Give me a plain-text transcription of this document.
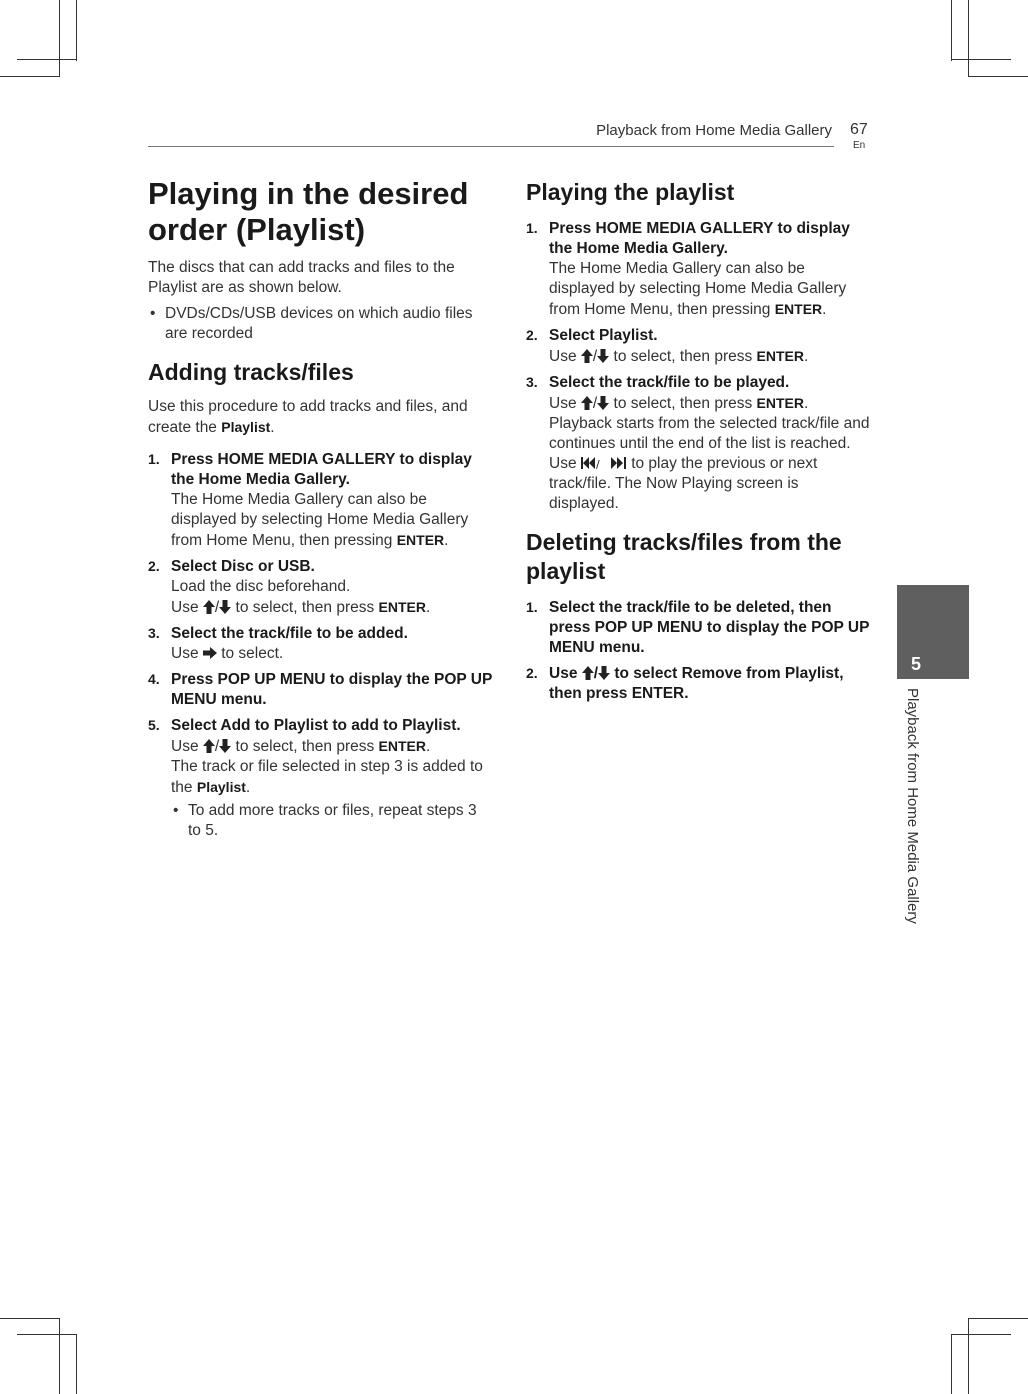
Playback from Home Media Gallery 67
En
5
Playback from Home Media Gallery
Playing in the desired order (Playlist)

The discs that can add tracks and files to the Playlist are as shown below.

• DVDs/CDs/USB devices on which audio files are recorded
Adding tracks/files

Use this procedure to add tracks and files, and create the Playlist.

1. Press HOME MEDIA GALLERY to display the Home Media Gallery.
The Home Media Gallery can also be displayed by selecting Home Media Gallery from Home Menu, then pressing ENTER.
2. Select Disc or USB.
Load the disc beforehand.
Use / to select, then press ENTER.
3. Select the track/file to be added.
Use to select.
4. Press POP UP MENU to display the POP UP MENU menu.
5. Select Add to Playlist to add to Playlist.
Use / to select, then press ENTER.
The track or file selected in step 3 is added to the Playlist.
• To add more tracks or files, repeat steps 3 to 5.
Playing the playlist
1. Press HOME MEDIA GALLERY to display the Home Media Gallery.
The Home Media Gallery can also be displayed by selecting Home Media Gallery from Home Menu, then pressing ENTER.
2. Select Playlist.
Use / to select, then press ENTER.
3. Select the track/file to be played.
Use / to select, then press ENTER.
Playback starts from the selected track/file and continues until the end of the list is reached. Use / to play the previous or next track/file. The Now Playing screen is displayed.
Deleting tracks/files from the playlist
1. Select the track/file to be deleted, then press POP UP MENU to display the POP UP MENU menu.
2. Use / to select Remove from Playlist, then press ENTER.
